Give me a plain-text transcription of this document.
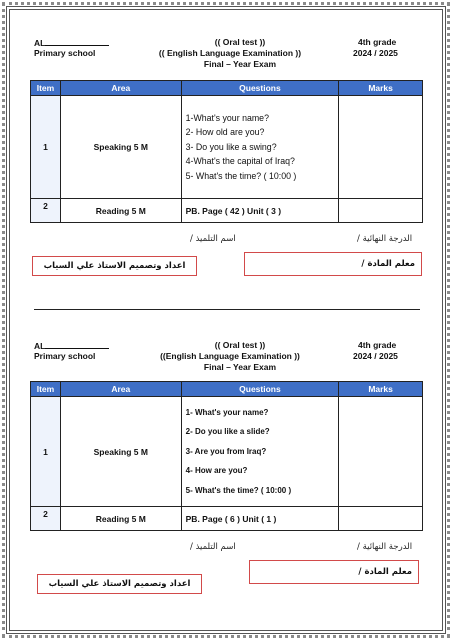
AL
Primary school
(( Oral test ))
(( English Language Examination ))
Final – Year Exam
4th grade
2024 / 2025
Item	Area	Questions	Marks
1	Speaking 5 M	1-What's your name?
2- How old are you?
3- Do you like a swing?
4-What's the capital of Iraq?
5- What's the time? ( 10:00 )	

2	Reading 5 M	PB. Page ( 42 ) Unit ( 3 )	
الدرجة النهائية /
اسم التلميذ /
اعداد وتصميم الاستاذ علي السياب	معلم المادة /
AL
Primary school
(( Oral test ))
((English Language Examination ))
Final – Year Exam
4th grade
2024 / 2025
Item	Area	Questions	Marks
1	Speaking 5 M	1- What's your name?
2- Do you like a slide?
3- Are you from Iraq?
4- How are you?
5- What's the time? ( 10:00 )	

2	Reading 5 M	PB. Page ( 6 ) Unit ( 1 )	
الدرجة النهائية /
اسم التلميذ /
معلم المادة /
اعداد وتصميم الاستاذ علي السياب
